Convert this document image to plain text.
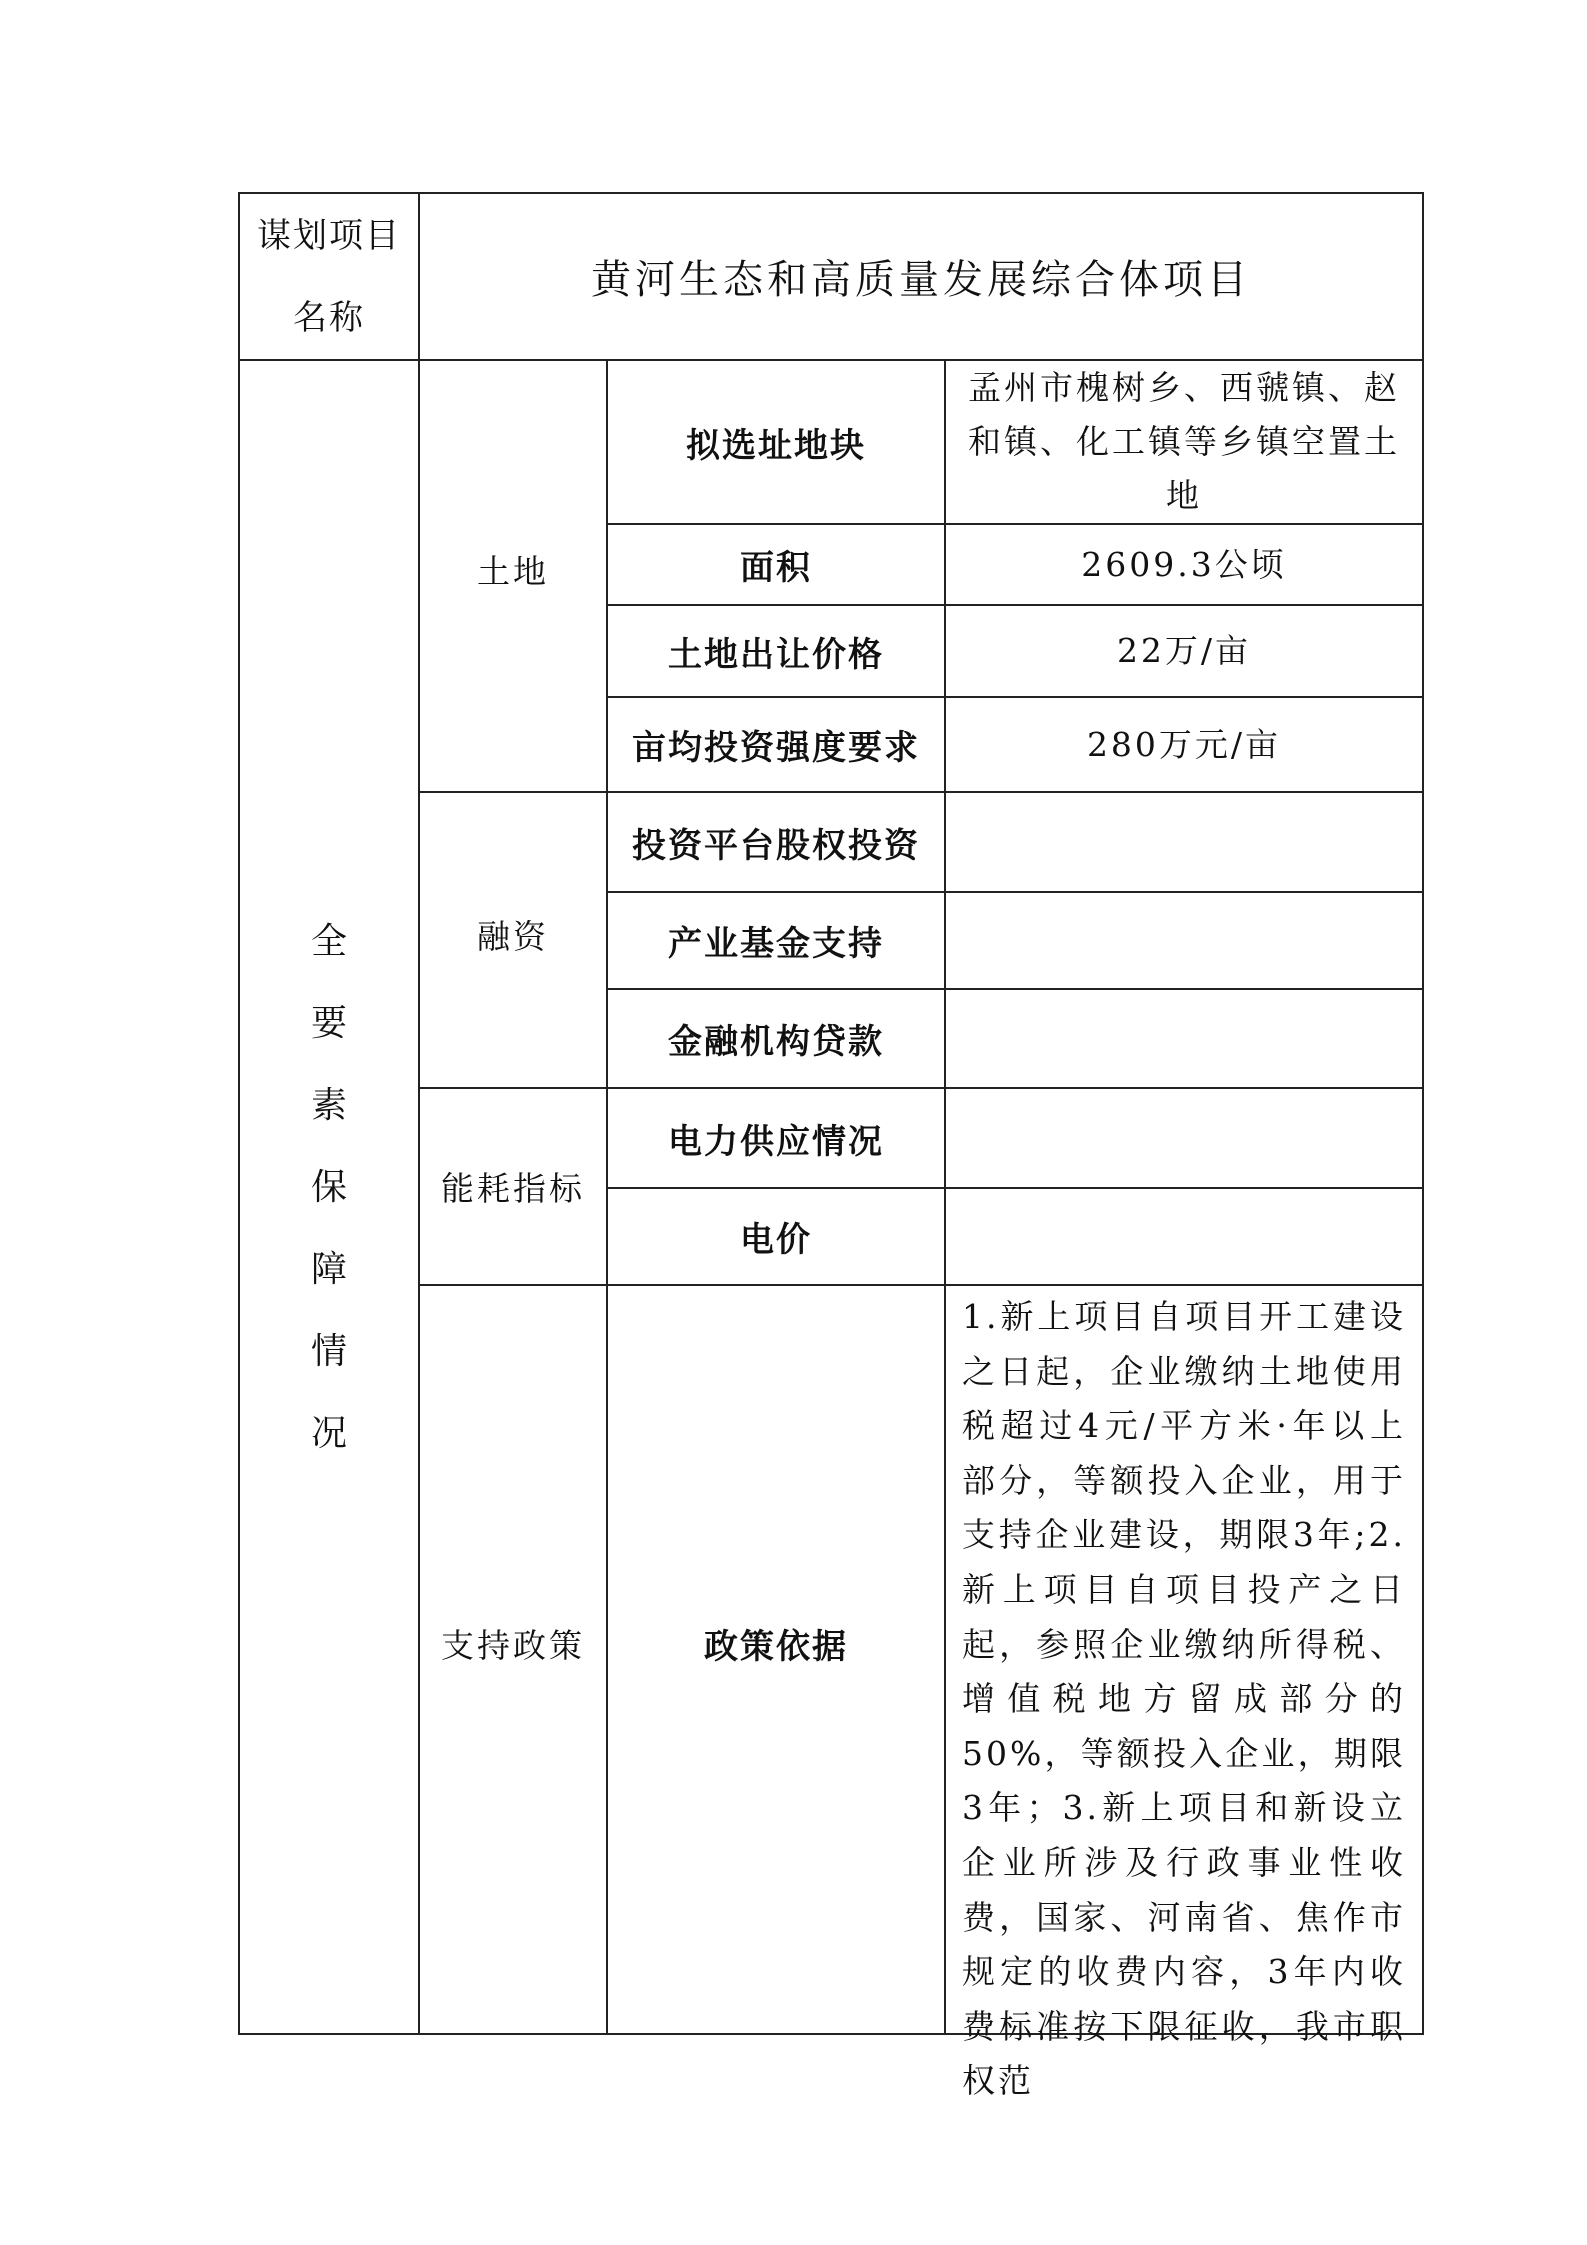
谋划项目名称
黄河生态和高质量发展综合体项目
全
要
素
保
障
情
况
土地
融资
能耗指标
支持政策
拟选址地块
面积
土地出让价格
亩均投资强度要求
投资平台股权投资
产业基金支持
金融机构贷款
电力供应情况
电价
政策依据
孟州市槐树乡、西虢镇、赵和镇、化工镇等乡镇空置土地
2609.3公顷
22万/亩
280万元/亩

1.新上项目自项目开工建设之日起，企业缴纳土地使用税超过4元/平方米·年以上部分，等额投入企业，用于支持企业建设，期限3年;2.新上项目自项目投产之日起，参照企业缴纳所得税、增值税地方留成部分的50%，等额投入企业，期限3年；3.新上项目和新设立企业所涉及行政事业性收费，国家、河南省、焦作市规定的收费内容，3年内收费标准按下限征收，我市职权范
